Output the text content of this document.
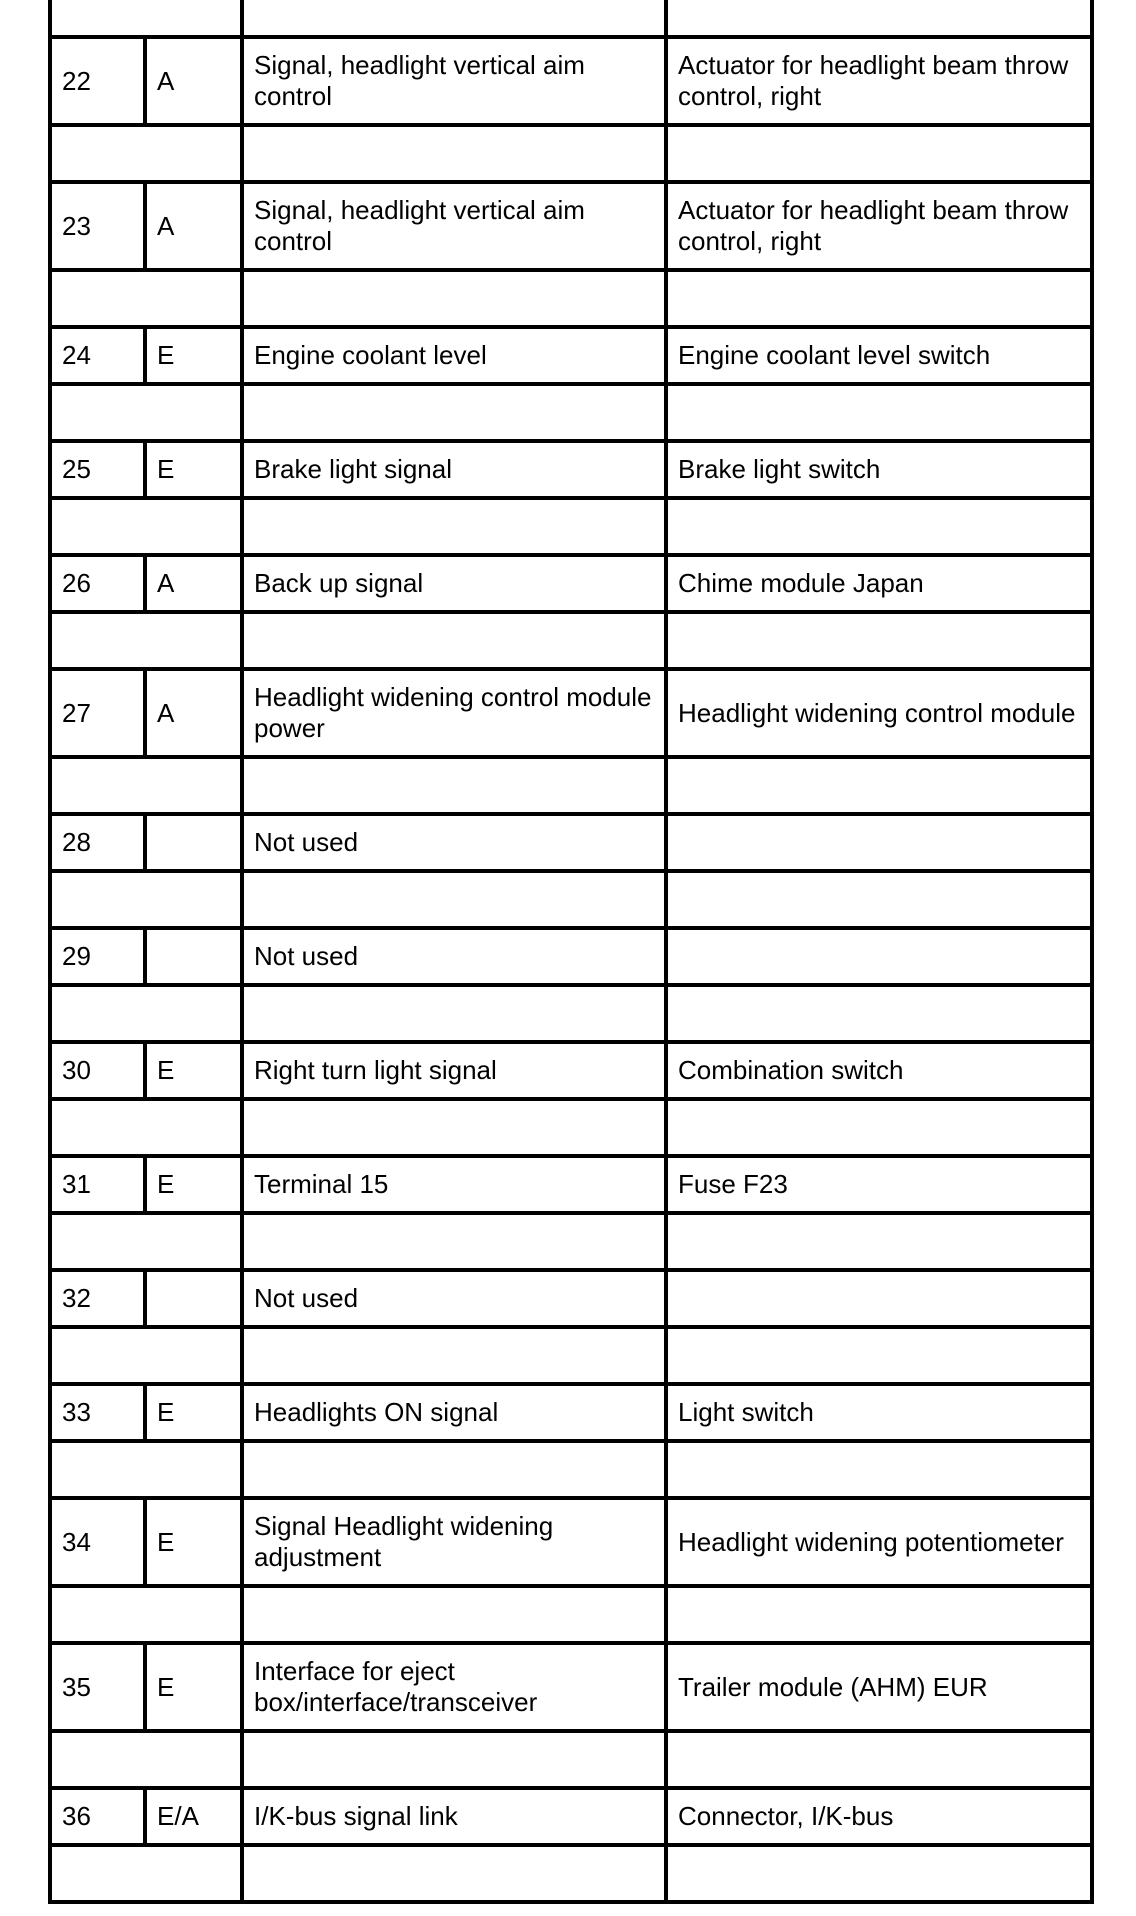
22	A	Signal, headlight vertical aim control	Actuator for headlight beam throw control, right

23	A	Signal, headlight vertical aim control	Actuator for headlight beam throw control, right

24	E	Engine coolant level	Engine coolant level switch

25	E	Brake light signal	Brake light switch

26	A	Back up signal	Chime module Japan

27	A	Headlight widening control module power	Headlight widening control module

28		Not used	

29		Not used	

30	E	Right turn light signal	Combination switch

31	E	Terminal 15	Fuse F23

32		Not used	

33	E	Headlights ON signal	Light switch

34	E	Signal Headlight widening adjustment	Headlight widening potentiometer

35	E	Interface for eject box/interface/transceiver	Trailer module (AHM) EUR

36	E/A	I/K-bus signal link	Connector, I/K-bus
